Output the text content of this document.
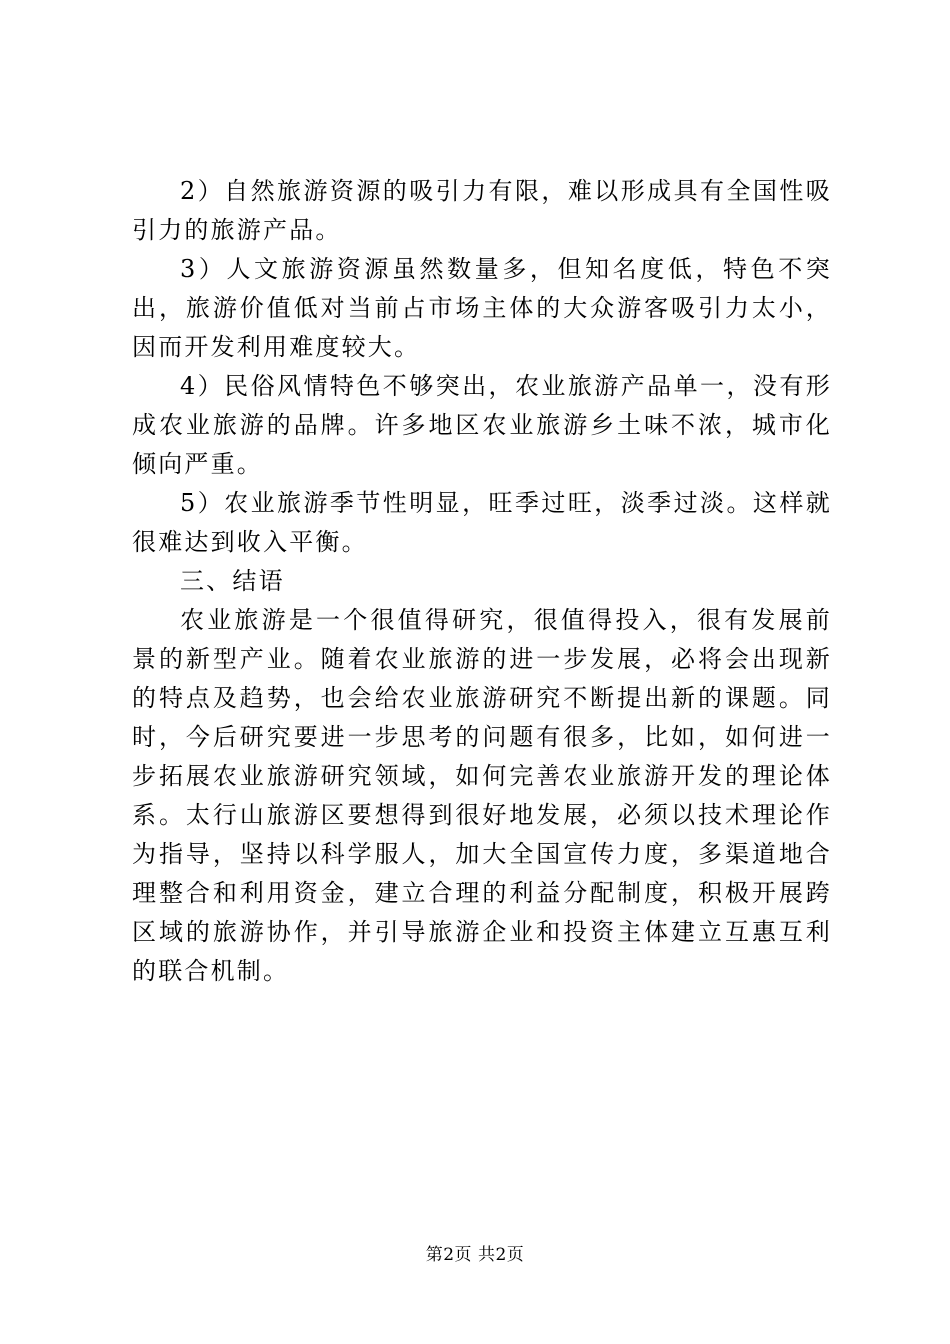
2）自然旅游资源的吸引力有限，难以形成具有全国性吸引力的旅游产品。

3）人文旅游资源虽然数量多，但知名度低，特色不突出，旅游价值低对当前占市场主体的大众游客吸引力太小，因而开发利用难度较大。

4）民俗风情特色不够突出，农业旅游产品单一，没有形成农业旅游的品牌。许多地区农业旅游乡土味不浓，城市化倾向严重。

5）农业旅游季节性明显，旺季过旺，淡季过淡。这样就很难达到收入平衡。

三、结语

农业旅游是一个很值得研究，很值得投入，很有发展前景的新型产业。随着农业旅游的进一步发展，必将会出现新的特点及趋势，也会给农业旅游研究不断提出新的课题。同时，今后研究要进一步思考的问题有很多，比如，如何进一步拓展农业旅游研究领域，如何完善农业旅游开发的理论体系。太行山旅游区要想得到很好地发展，必须以技术理论作为指导，坚持以科学服人，加大全国宣传力度，多渠道地合理整合和利用资金，建立合理的利益分配制度，积极开展跨区域的旅游协作，并引导旅游企业和投资主体建立互惠互利的联合机制。

第2页 共2页
